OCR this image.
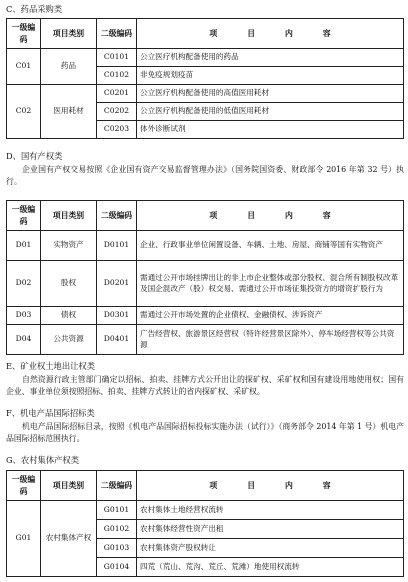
C、药品采购类
一级编码	项目类别	二级编码	项目内容
C01	药品	C0101	公立医疗机构配备使用的药品
		C0102	非免疫规划疫苗
C02	医用耗材	C0201	公立医疗机构配备使用的高值医用耗材
		C0202	公立医疗机构配备使用的低值医用耗材
		C0203	体外诊断试剂
D、国有产权类
企业国有产权交易按照《企业国有资产交易监督管理办法》（国务院国资委、财政部令 2016 年第 32 号）执行。
一级编码	项目类别	二级编码	项目内容
D01	实物资产	D0101	企业、行政事业单位闲置设备、车辆、土地、房屋、商铺等国有实物资产
D02	股权	D0201	需通过公开市场挂牌出让的非上市企业整体或部分股权、混合所有制股权改革及国企混改产（股）权交易、需通过公开市场征集投资方的增资扩股行为
D03	债权	D0301	需通过公开市场处置的企业债权、金融债权、涉诉资产
D04	公共资源	D0401	广告经营权、旅游景区经营权（特许经营景区除外）、停车场经营权等公共资源
E、矿业权土地出让权类
自然资源行政主管部门确定以招标、拍卖、挂牌方式公开出让的探矿权、采矿权和国有建设用地使用权；国有企业、事业单位须按照招标、拍卖、挂牌方式转让的省内探矿权、采矿权。
F、机电产品国际招标类
机电产品国际招标目录，按照《机电产品国际招标投标实施办法（试行）》（商务部令 2014 年第 1 号）机电产品国际招标范围执行。
G、农村集体产权类
一级编码	项目类别	二级编码	项目内容
G01	农村集体产权	G0101	农村集体土地经营权流转
		G0102	农村集体经营性资产出租
		G0103	农村集体资产股权转让
		G0104	四荒（荒山、荒沟、荒丘、荒滩）地使用权流转
